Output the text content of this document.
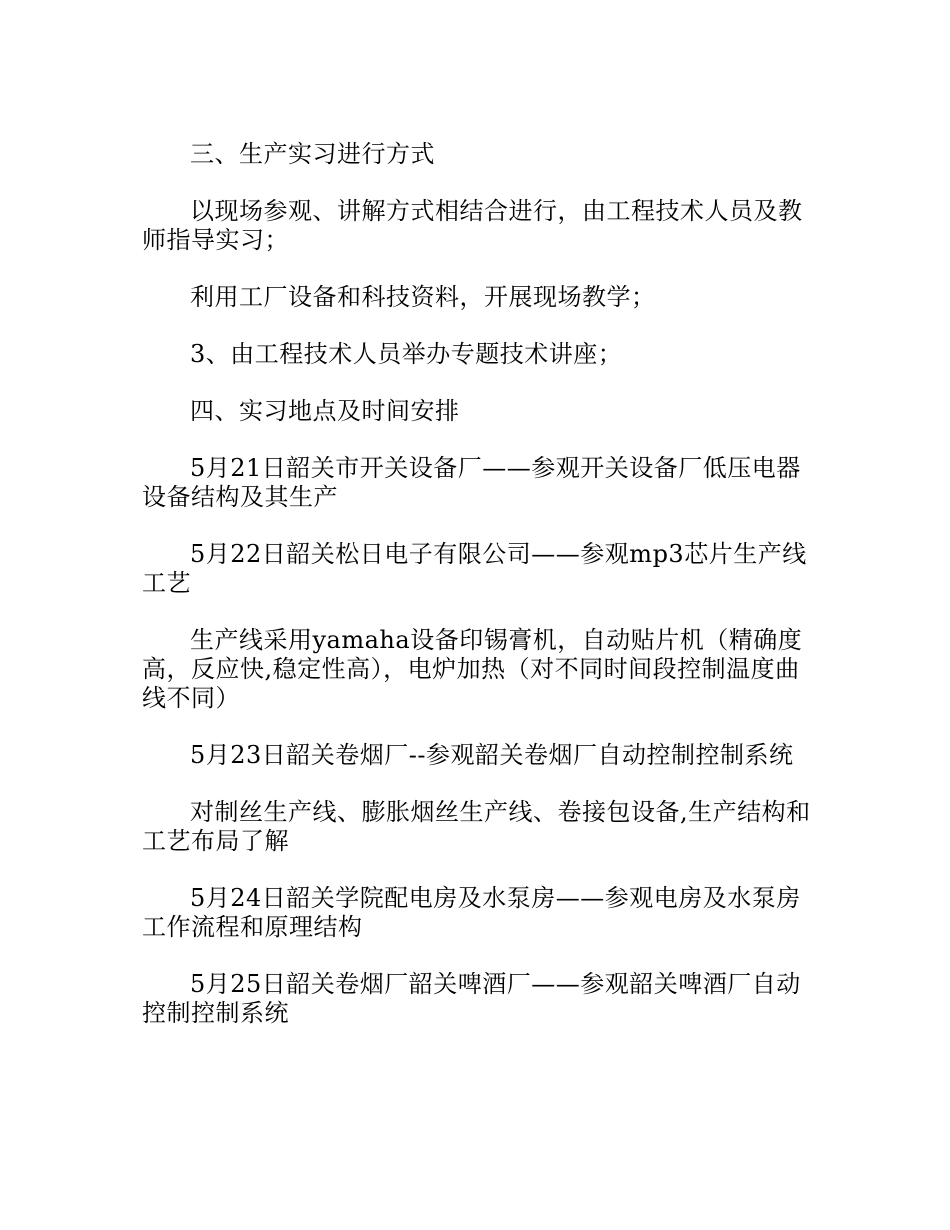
三、生产实习进行方式

以现场参观、讲解方式相结合进行，由工程技术人员及教师指导实习；

利用工厂设备和科技资料，开展现场教学；

3、由工程技术人员举办专题技术讲座；

四、实习地点及时间安排

5月21日韶关市开关设备厂——参观开关设备厂低压电器设备结构及其生产

5月22日韶关松日电子有限公司——参观mp3芯片生产线工艺

生产线采用yamaha设备印锡膏机，自动贴片机（精确度高，反应快,稳定性高），电炉加热（对不同时间段控制温度曲线不同）

5月23日韶关卷烟厂--参观韶关卷烟厂自动控制控制系统

对制丝生产线、膨胀烟丝生产线、卷接包设备,生产结构和工艺布局了解

5月24日韶关学院配电房及水泵房——参观电房及水泵房工作流程和原理结构

5月25日韶关卷烟厂韶关啤酒厂——参观韶关啤酒厂自动控制控制系统
